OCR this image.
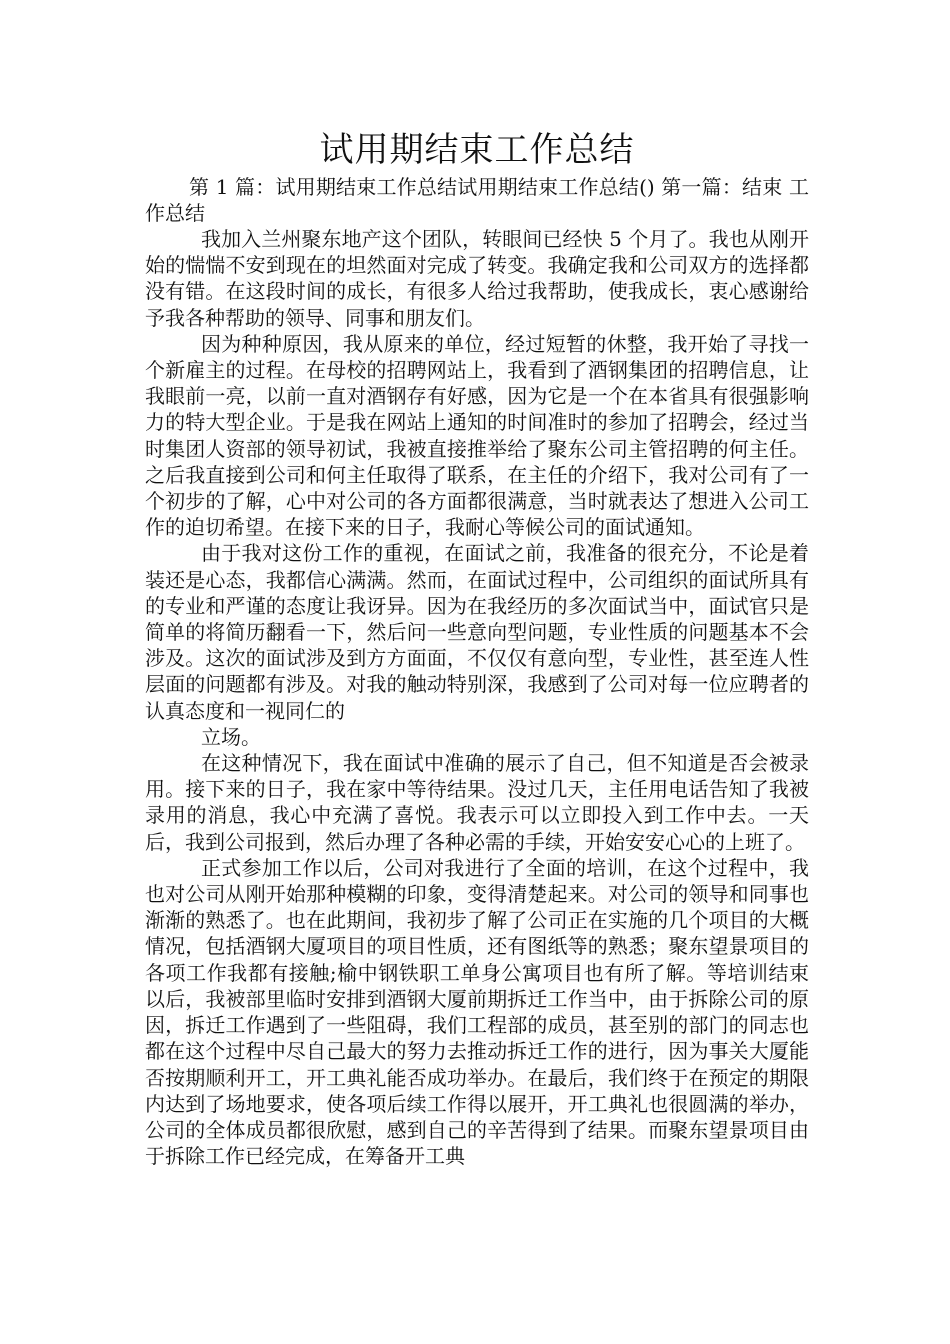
试用期结束工作总结

第 1 篇：试用期结束工作总结试用期结束工作总结() 第一篇：结束 工作总结

我加入兰州聚东地产这个团队，转眼间已经快 5 个月了。我也从刚开始的惴惴不安到现在的坦然面对完成了转变。我确定我和公司双方的选择都没有错。在这段时间的成长，有很多人给过我帮助，使我成长，衷心感谢给予我各种帮助的领导、同事和朋友们。

因为种种原因，我从原来的单位，经过短暂的休整，我开始了寻找一个新雇主的过程。在母校的招聘网站上，我看到了酒钢集团的招聘信息，让我眼前一亮，以前一直对酒钢存有好感，因为它是一个在本省具有很强影响力的特大型企业。于是我在网站上通知的时间准时的参加了招聘会，经过当时集团人资部的领导初试，我被直接推举给了聚东公司主管招聘的何主任。之后我直接到公司和何主任取得了联系，在主任的介绍下，我对公司有了一个初步的了解，心中对公司的各方面都很满意，当时就表达了想进入公司工作的迫切希望。在接下来的日子，我耐心等候公司的面试通知。

由于我对这份工作的重视，在面试之前，我准备的很充分，不论是着装还是心态，我都信心满满。然而，在面试过程中，公司组织的面试所具有的专业和严谨的态度让我讶异。因为在我经历的多次面试当中，面试官只是简单的将简历翻看一下，然后问一些意向型问题，专业性质的问题基本不会涉及。这次的面试涉及到方方面面，不仅仅有意向型，专业性，甚至连人性层面的问题都有涉及。对我的触动特别深，我感到了公司对每一位应聘者的认真态度和一视同仁的

立场。

在这种情况下，我在面试中准确的展示了自己，但不知道是否会被录用。接下来的日子，我在家中等待结果。没过几天，主任用电话告知了我被录用的消息，我心中充满了喜悦。我表示可以立即投入到工作中去。一天后，我到公司报到，然后办理了各种必需的手续，开始安安心心的上班了。

正式参加工作以后，公司对我进行了全面的培训，在这个过程中，我也对公司从刚开始那种模糊的印象，变得清楚起来。对公司的领导和同事也渐渐的熟悉了。也在此期间，我初步了解了公司正在实施的几个项目的大概情况，包括酒钢大厦项目的项目性质，还有图纸等的熟悉；聚东望景项目的各项工作我都有接触;榆中钢铁职工单身公寓项目也有所了解。等培训结束以后，我被部里临时安排到酒钢大厦前期拆迁工作当中，由于拆除公司的原因，拆迁工作遇到了一些阻碍，我们工程部的成员，甚至别的部门的同志也都在这个过程中尽自己最大的努力去推动拆迁工作的进行，因为事关大厦能否按期顺利开工，开工典礼能否成功举办。在最后，我们终于在预定的期限内达到了场地要求，使各项后续工作得以展开，开工典礼也很圆满的举办，公司的全体成员都很欣慰，感到自己的辛苦得到了结果。而聚东望景项目由于拆除工作已经完成，在筹备开工典
